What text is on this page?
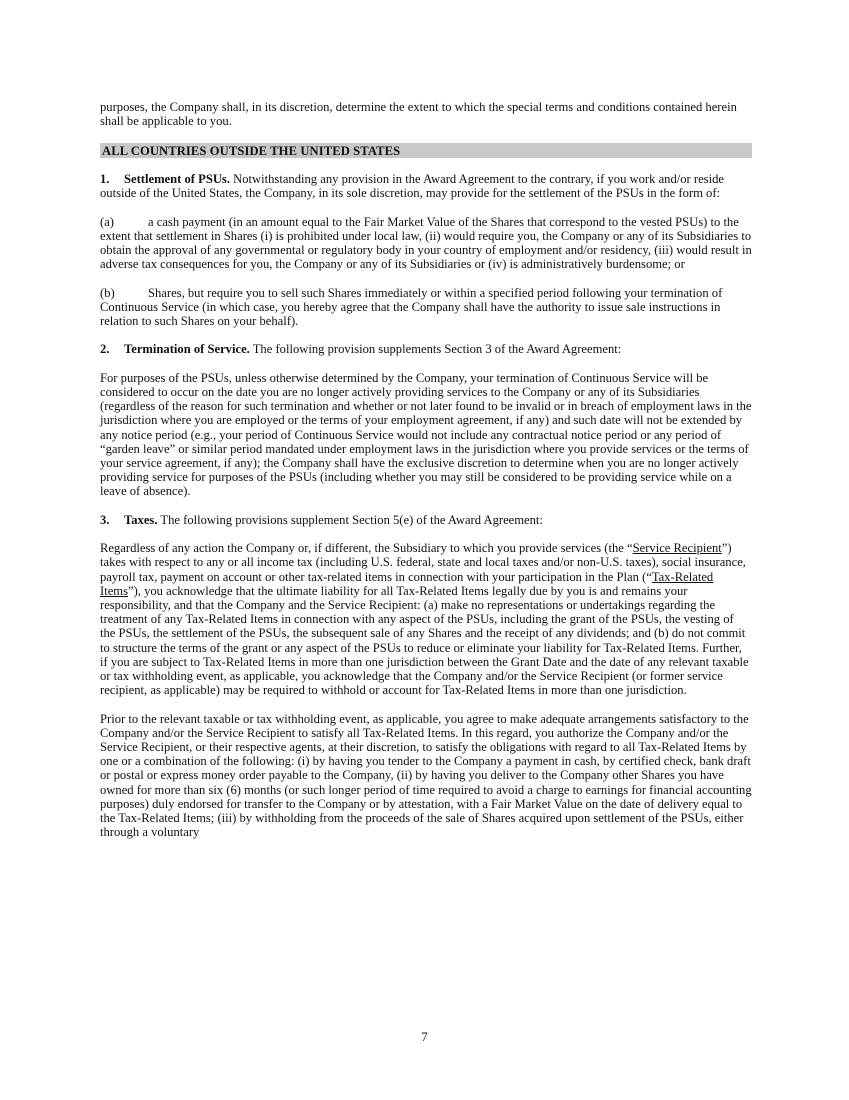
purposes, the Company shall, in its discretion, determine the extent to which the special terms and conditions contained herein shall be applicable to you.

ALL COUNTRIES OUTSIDE THE UNITED STATES

1. Settlement of PSUs. Notwithstanding any provision in the Award Agreement to the contrary, if you work and/or reside outside of the United States, the Company, in its sole discretion, may provide for the settlement of the PSUs in the form of:

(a)	a cash payment (in an amount equal to the Fair Market Value of the Shares that correspond to the vested PSUs) to the extent that settlement in Shares (i) is prohibited under local law, (ii) would require you, the Company or any of its Subsidiaries to obtain the approval of any governmental or regulatory body in your country of employment and/or residency, (iii) would result in adverse tax consequences for you, the Company or any of its Subsidiaries or (iv) is administratively burdensome; or

(b)	Shares, but require you to sell such Shares immediately or within a specified period following your termination of Continuous Service (in which case, you hereby agree that the Company shall have the authority to issue sale instructions in relation to such Shares on your behalf).

2. Termination of Service. The following provision supplements Section 3 of the Award Agreement:

For purposes of the PSUs, unless otherwise determined by the Company, your termination of Continuous Service will be considered to occur on the date you are no longer actively providing services to the Company or any of its Subsidiaries (regardless of the reason for such termination and whether or not later found to be invalid or in breach of employment laws in the jurisdiction where you are employed or the terms of your employment agreement, if any) and such date will not be extended by any notice period (e.g., your period of Continuous Service would not include any contractual notice period or any period of “garden leave” or similar period mandated under employment laws in the jurisdiction where you provide services or the terms of your service agreement, if any); the Company shall have the exclusive discretion to determine when you are no longer actively providing service for purposes of the PSUs (including whether you may still be considered to be providing service while on a leave of absence).

3. Taxes. The following provisions supplement Section 5(e) of the Award Agreement:

Regardless of any action the Company or, if different, the Subsidiary to which you provide services (the “Service Recipient”) takes with respect to any or all income tax (including U.S. federal, state and local taxes and/or non-U.S. taxes), social insurance, payroll tax, payment on account or other tax-related items in connection with your participation in the Plan (“Tax-Related Items”), you acknowledge that the ultimate liability for all Tax-Related Items legally due by you is and remains your responsibility, and that the Company and the Service Recipient: (a) make no representations or undertakings regarding the treatment of any Tax-Related Items in connection with any aspect of the PSUs, including the grant of the PSUs, the vesting of the PSUs, the settlement of the PSUs, the subsequent sale of any Shares and the receipt of any dividends; and (b) do not commit to structure the terms of the grant or any aspect of the PSUs to reduce or eliminate your liability for Tax-Related Items. Further, if you are subject to Tax-Related Items in more than one jurisdiction between the Grant Date and the date of any relevant taxable or tax withholding event, as applicable, you acknowledge that the Company and/or the Service Recipient (or former service recipient, as applicable) may be required to withhold or account for Tax-Related Items in more than one jurisdiction.

Prior to the relevant taxable or tax withholding event, as applicable, you agree to make adequate arrangements satisfactory to the Company and/or the Service Recipient to satisfy all Tax-Related Items. In this regard, you authorize the Company and/or the Service Recipient, or their respective agents, at their discretion, to satisfy the obligations with regard to all Tax-Related Items by one or a combination of the following: (i) by having you tender to the Company a payment in cash, by certified check, bank draft or postal or express money order payable to the Company, (ii) by having you deliver to the Company other Shares you have owned for more than six (6) months (or such longer period of time required to avoid a charge to earnings for financial accounting purposes) duly endorsed for transfer to the Company or by attestation, with a Fair Market Value on the date of delivery equal to the Tax-Related Items; (iii) by withholding from the proceeds of the sale of Shares acquired upon settlement of the PSUs, either through a voluntary

7
